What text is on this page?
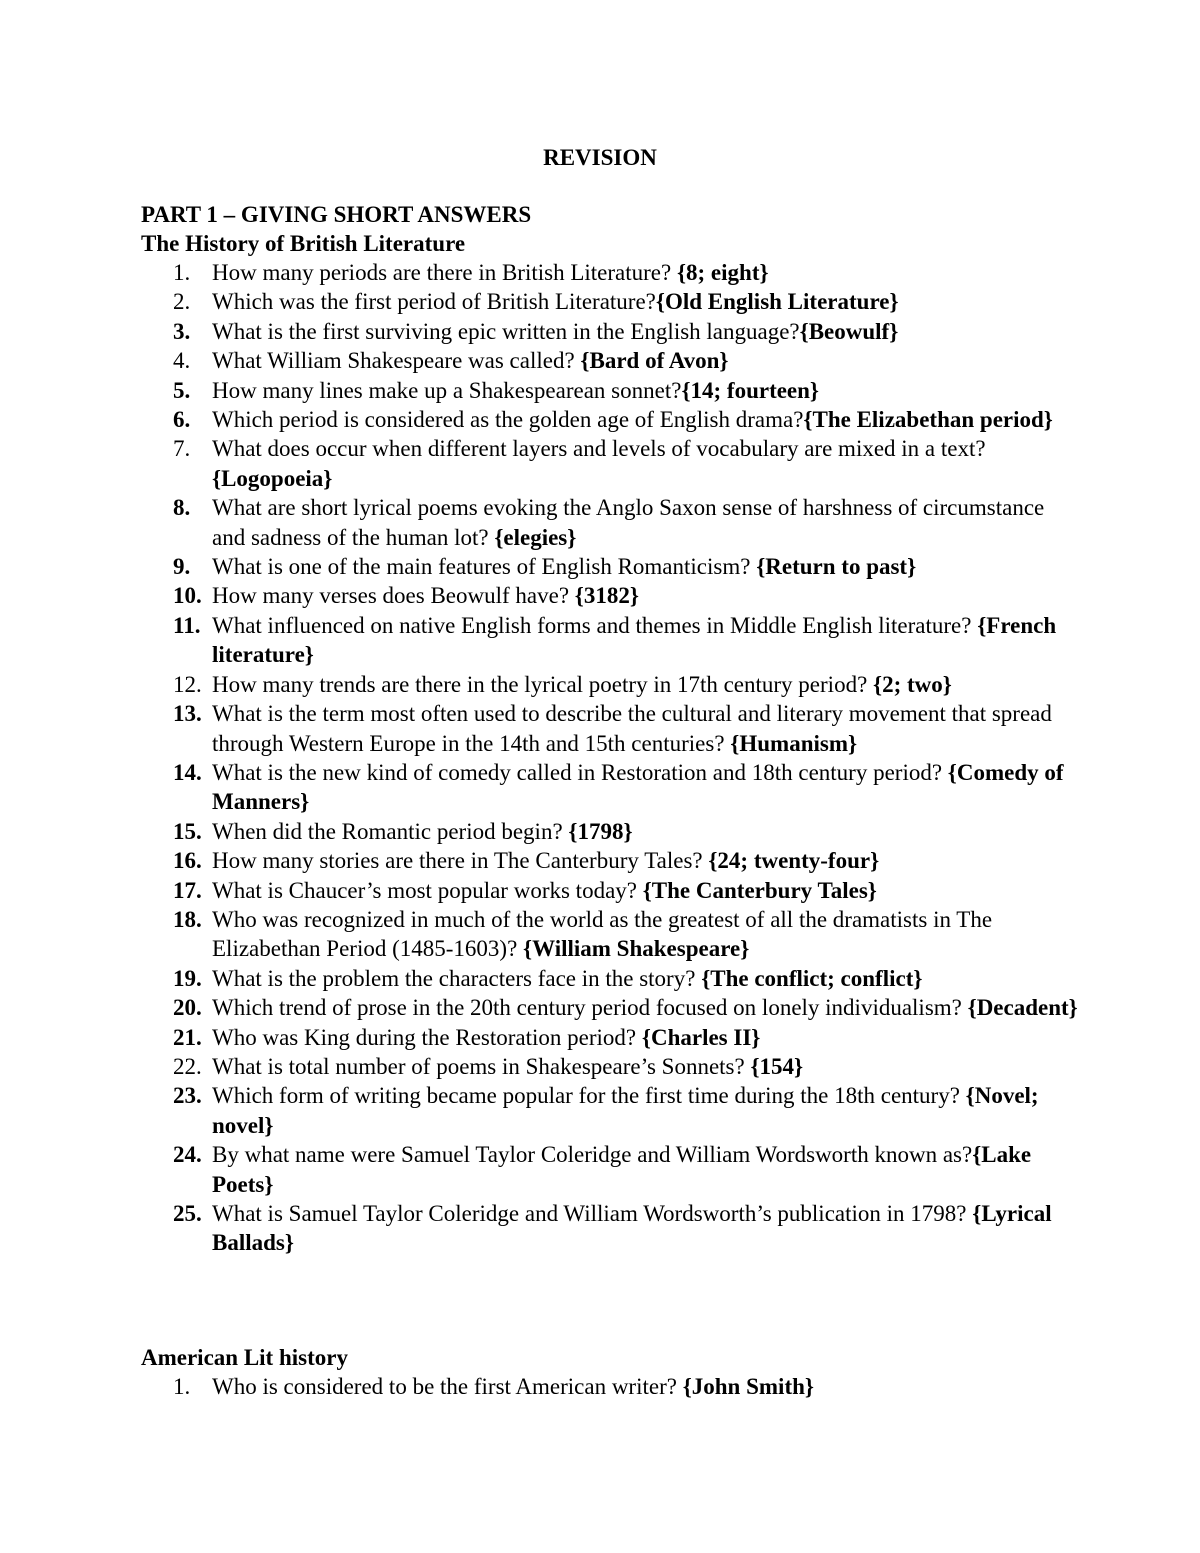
REVISION
PART 1 – GIVING SHORT ANSWERS
The History of British Literature
1. How many periods are there in British Literature? {8; eight}
2. Which was the first period of British Literature?{Old English Literature}
3. What is the first surviving epic written in the English language?{Beowulf}
4. What William Shakespeare was called? {Bard of Avon}
5. How many lines make up a Shakespearean sonnet?{14; fourteen}
6. Which period is considered as the golden age of English drama?{The Elizabethan period}
7. What does occur when different layers and levels of vocabulary are mixed in a text?{Logopoeia}
8. What are short lyrical poems evoking the Anglo Saxon sense of harshness of circumstance and sadness of the human lot? {elegies}
9. What is one of the main features of English Romanticism? {Return to past}
10. How many verses does Beowulf have? {3182}
11. What influenced on native English forms and themes in Middle English literature? {French literature}
12. How many trends are there in the lyrical poetry in 17th century period? {2; two}
13. What is the term most often used to describe the cultural and literary movement that spread through Western Europe in the 14th and 15th centuries? {Humanism}
14. What is the new kind of comedy called in Restoration and 18th century period? {Comedy of Manners}
15. When did the Romantic period begin? {1798}
16. How many stories are there in The Canterbury Tales? {24; twenty-four}
17. What is Chaucer’s most popular works today? {The Canterbury Tales}
18. Who was recognized in much of the world as the greatest of all the dramatists in The Elizabethan Period (1485-1603)? {William Shakespeare}
19. What is the problem the characters face in the story? {The conflict; conflict}
20. Which trend of prose in the 20th century period focused on lonely individualism? {Decadent}
21. Who was King during the Restoration period? {Charles II}
22. What is total number of poems in Shakespeare’s Sonnets? {154}
23. Which form of writing became popular for the first time during the 18th century? {Novel; novel}
24. By what name were Samuel Taylor Coleridge and William Wordsworth known as?{Lake Poets}
25. What is Samuel Taylor Coleridge and William Wordsworth’s publication in 1798? {Lyrical Ballads}
American Lit history
1. Who is considered to be the first American writer? {John Smith}
